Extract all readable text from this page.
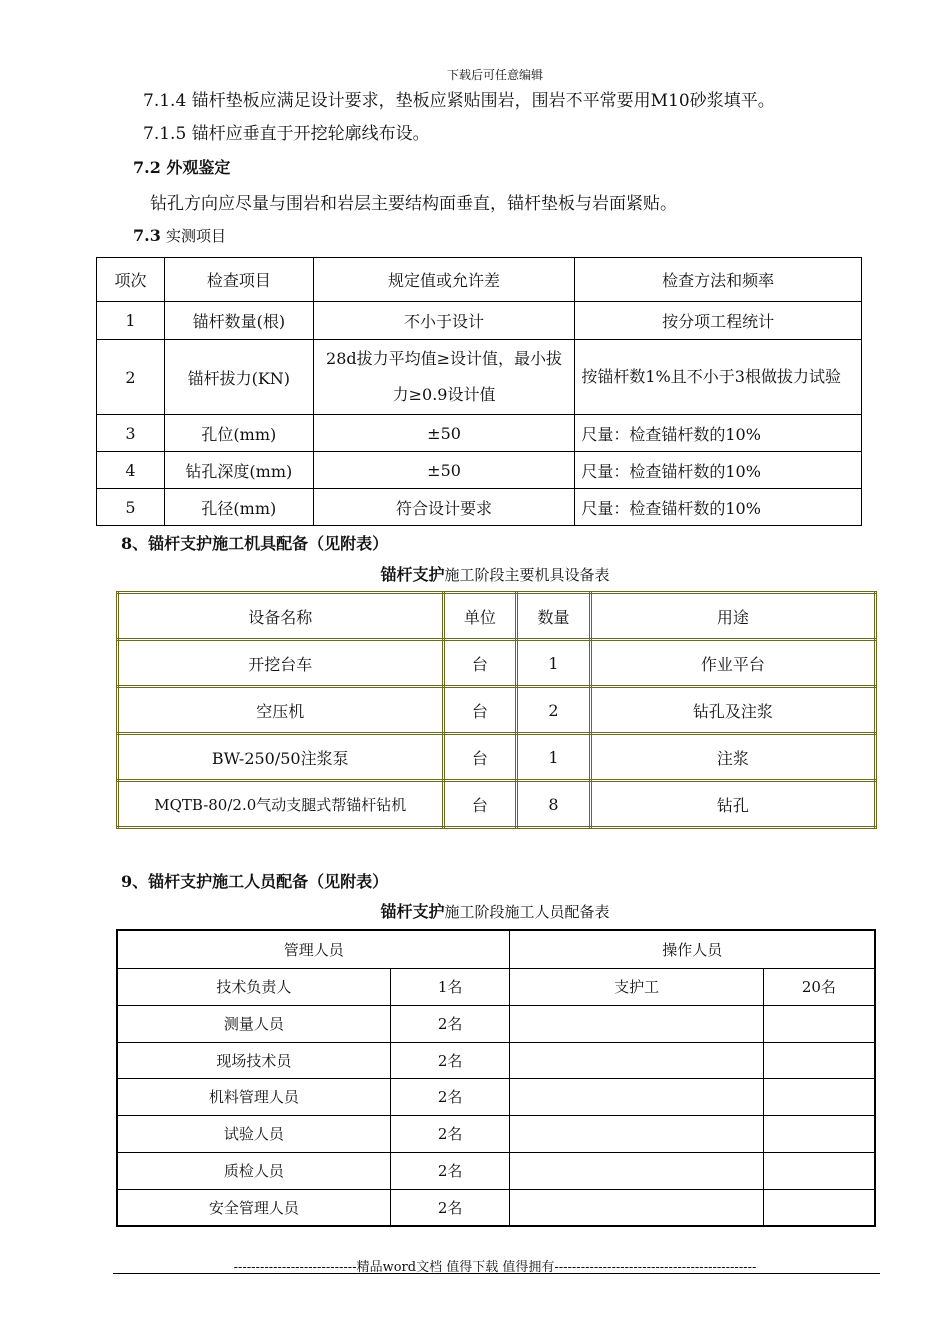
下载后可任意编辑
7.1.4 锚杆垫板应满足设计要求，垫板应紧贴围岩，围岩不平常要用M10砂浆填平。
7.1.5 锚杆应垂直于开挖轮廓线布设。
7.2 外观鉴定
钻孔方向应尽量与围岩和岩层主要结构面垂直，锚杆垫板与岩面紧贴。
7.3 实测项目
项次	检查项目	规定值或允许差	检查方法和频率
1	锚杆数量(根)	不小于设计	按分项工程统计
2	锚杆拔力(KN)	28d拔力平均值≥设计值，最小拔力≥0.9设计值	按锚杆数1%且不小于3根做拔力试验
3	孔位(mm)	±50	尺量：检查锚杆数的10%
4	钻孔深度(mm)	±50	尺量：检查锚杆数的10%
5	孔径(mm)	符合设计要求	尺量：检查锚杆数的10%
8、锚杆支护施工机具配备（见附表）
锚杆支护施工阶段主要机具设备表
设备名称	单位	数量	用途
开挖台车	台	1	作业平台
空压机	台	2	钻孔及注浆
BW-250/50注浆泵	台	1	注浆
MQTB-80/2.0气动支腿式帮锚杆钻机	台	8	钻孔
9、锚杆支护施工人员配备（见附表）
锚杆支护施工阶段施工人员配备表
管理人员		操作人员	
技术负责人	1名	支护工	20名
测量人员	2名		
现场技术员	2名		
机料管理人员	2名		
试验人员	2名		
质检人员	2名		
安全管理人员	2名		
----------------------------精品word文档 值得下载 值得拥有----------------------------------------------
